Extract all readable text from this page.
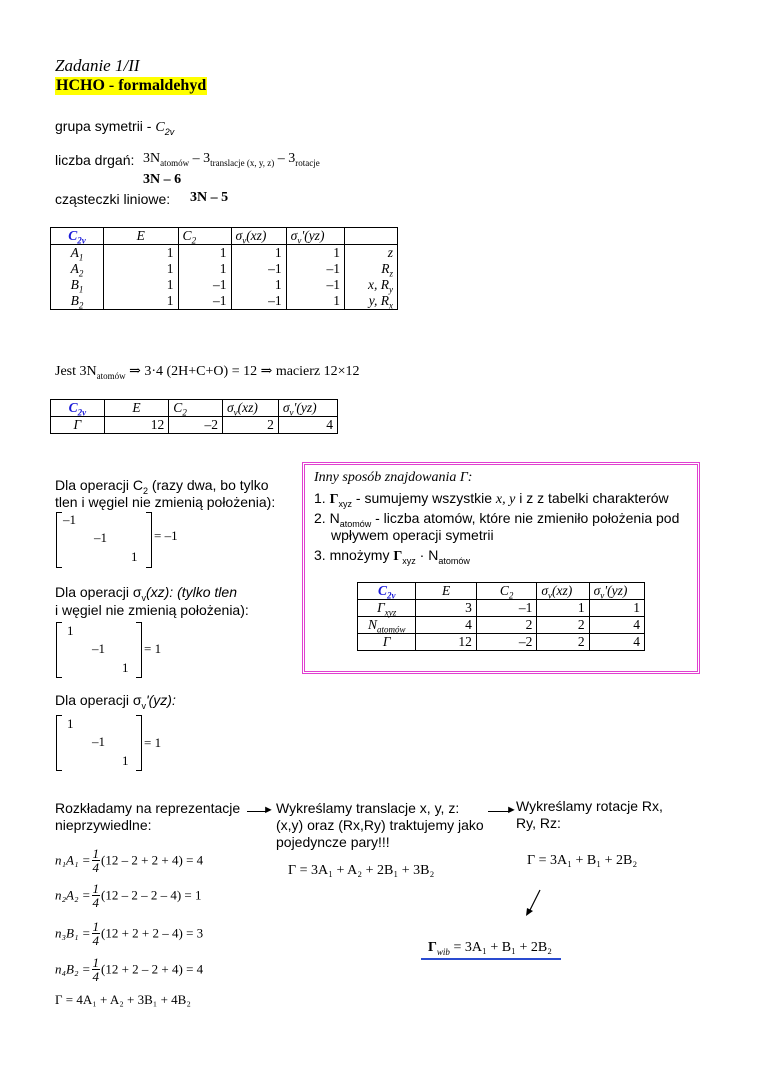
Zadanie 1/II
HCHO - formaldehyd
grupa symetrii - $C_{2v}$
liczba drgań: $3N_{atomów} - 3_{translacje (x, y, z)} - 3_{rotacje}$
3N – 6
cząsteczki liniowe: 3N – 5
$C_{2v}$	E	$C_2$	$\sigma_v(xz)$	$\sigma_v'(yz)$	
$A_1$	1	1	1	1	z
$A_2$	1	1	–1	–1	$R_z$
$B_1$	1	–1	1	–1	x, $R_y$
$B_2$	1	–1	–1	1	y, $R_x$
Jest $3N_{atomów}$ ⇒ 3·4 (2H+C+O) = 12 ⇒ macierz 12×12
$C_{2v}$	E	$C_2$	$\sigma_v(xz)$	$\sigma_v'(yz)$
Γ	12	–2	2	4
Dla operacji $C_2$ (razy dwa, bo tylko
tlen i węgiel nie zmienią położenia):
–1
–1
1
= –1
Dla operacji $\sigma_v(xz)$: (tylko tlen
i węgiel nie zmienią położenia):
1
–1
1
= 1
Dla operacji $\sigma_v'(yz)$:
1
–1
1
= 1
Inny sposób znajdowania Γ:
1. $\Gamma_{xyz}$ - sumujemy wszystkie x, y i z z tabelki charakterów
2. $N_{atomów}$ - liczba atomów, które nie zmieniło położenia pod
wpływem operacji symetrii
3. mnożymy $\Gamma_{xyz} \cdot N_{atomów}$
$C_{2v}$	E	$C_2$	$\sigma_v(xz)$	$\sigma_v'(yz)$
$\Gamma_{xyz}$	3	–1	1	1
$N_{atomów}$	4	2	2	4
Γ	12	–2	2	4
Rozkładamy na reprezentacje
nieprzywiedlne:
$n_1A_1 = \frac{1}{4} (12 - 2 + 2 + 4) = 4$
$n_2A_2 = \frac{1}{4} (12 - 2 - 2 - 4) = 1$
$n_3B_1 = \frac{1}{4} (12 + 2 + 2 - 4) = 3$
$n_4B_2 = \frac{1}{4} (12 + 2 - 2 + 4) = 4$
Γ = 4A₁ + A₂ + 3B₁ + 4B₂
►	►
Wykreślamy translacje x, y, z:
(x,y) oraz (Rx,Ry) traktujemy jako
pojedyncze pary!!!
Γ = 3A₁ + A₂ + 2B₁ + 3B₂
Wykreślamy rotacje Rx,
Ry, Rz:
Γ = 3A₁ + B₁ + 2B₂
$\Gamma_{wib} = 3A_1 + B_1 + 2B_2$
